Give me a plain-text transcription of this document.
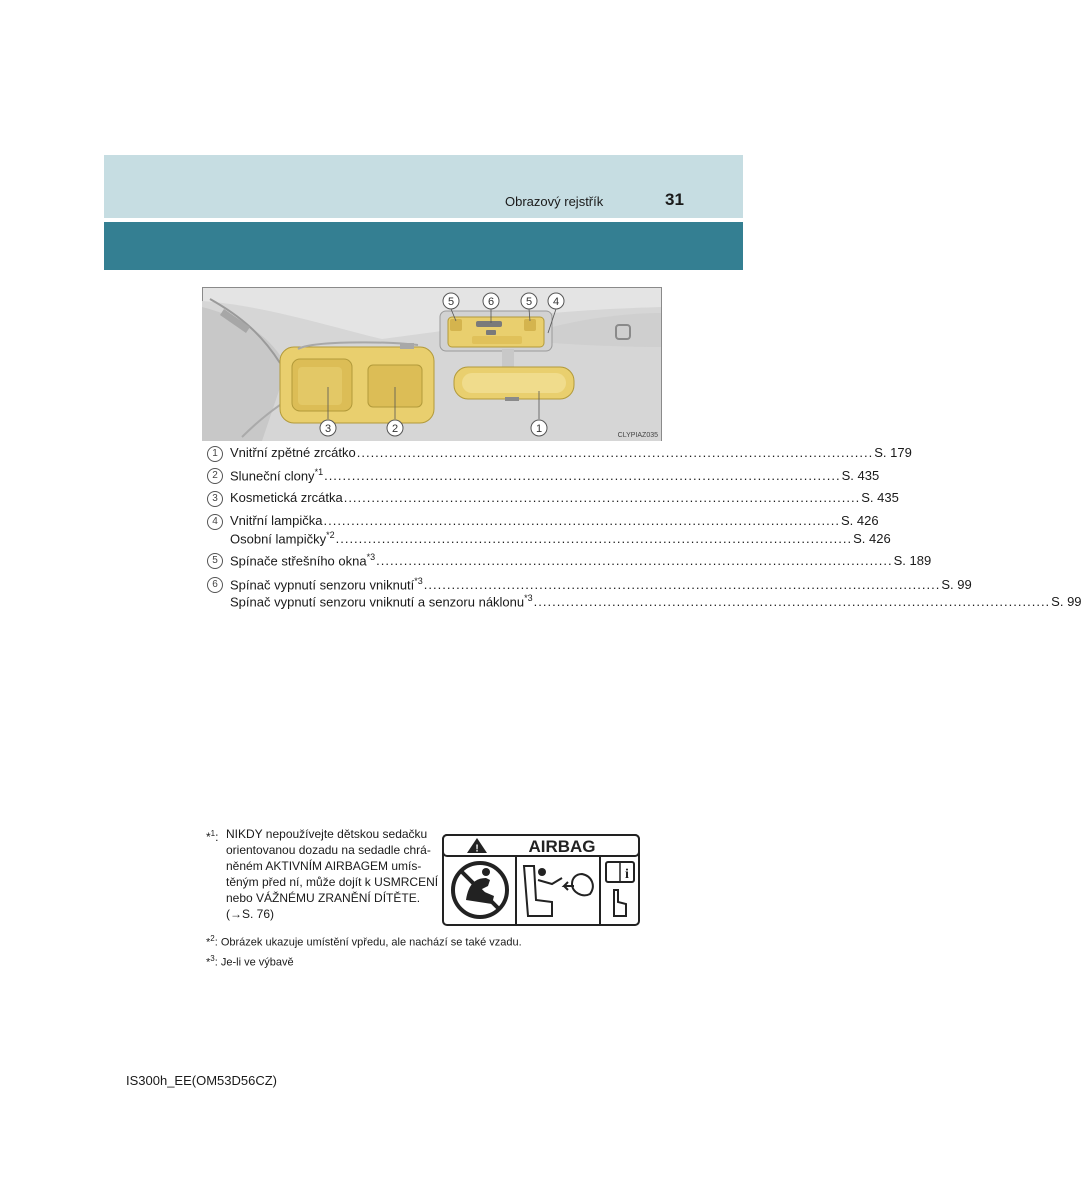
Obrazový rejstřík	31
5	6	5 4
3	2	1
CLYPIAZ035
1 Vnitřní zpětné zrcátko ................................................................................................................ S. 179
2 Sluneční clony$^{*1}$ ................................................................................................................ S. 435
3 Kosmetická zrcátka ................................................................................................................ S. 435
4 Vnitřní lampička ................................................................................................................ S. 426
Osobní lampičky$^{*2}$ ................................................................................................................ S. 426
5 Spínače střešního okna$^{*3}$ ................................................................................................................ S. 189
6 Spínač vypnutí senzoru vniknutí$^{*3}$ ................................................................................................................ S. 99
Spínač vypnutí senzoru vniknutí a senzoru náklonu$^{*3}$ ................................................................................................................ S. 99
*$^1$: NIKDY nepoužívejte dětskou sedačku
orientovanou dozadu na sedadle chrá-
něném AKTIVNÍM AIRBAGEM umís-
těným před ní, může dojít k USMRCENÍ
nebo VÁŽNÉMU ZRANĚNÍ DÍTĚTE.
(→S. 76)
!	AIRBAG
i
*$^2$: Obrázek ukazuje umístění vpředu, ale nachází se také vzadu.
*$^3$: Je-li ve výbavě
IS300h_EE(OM53D56CZ)
